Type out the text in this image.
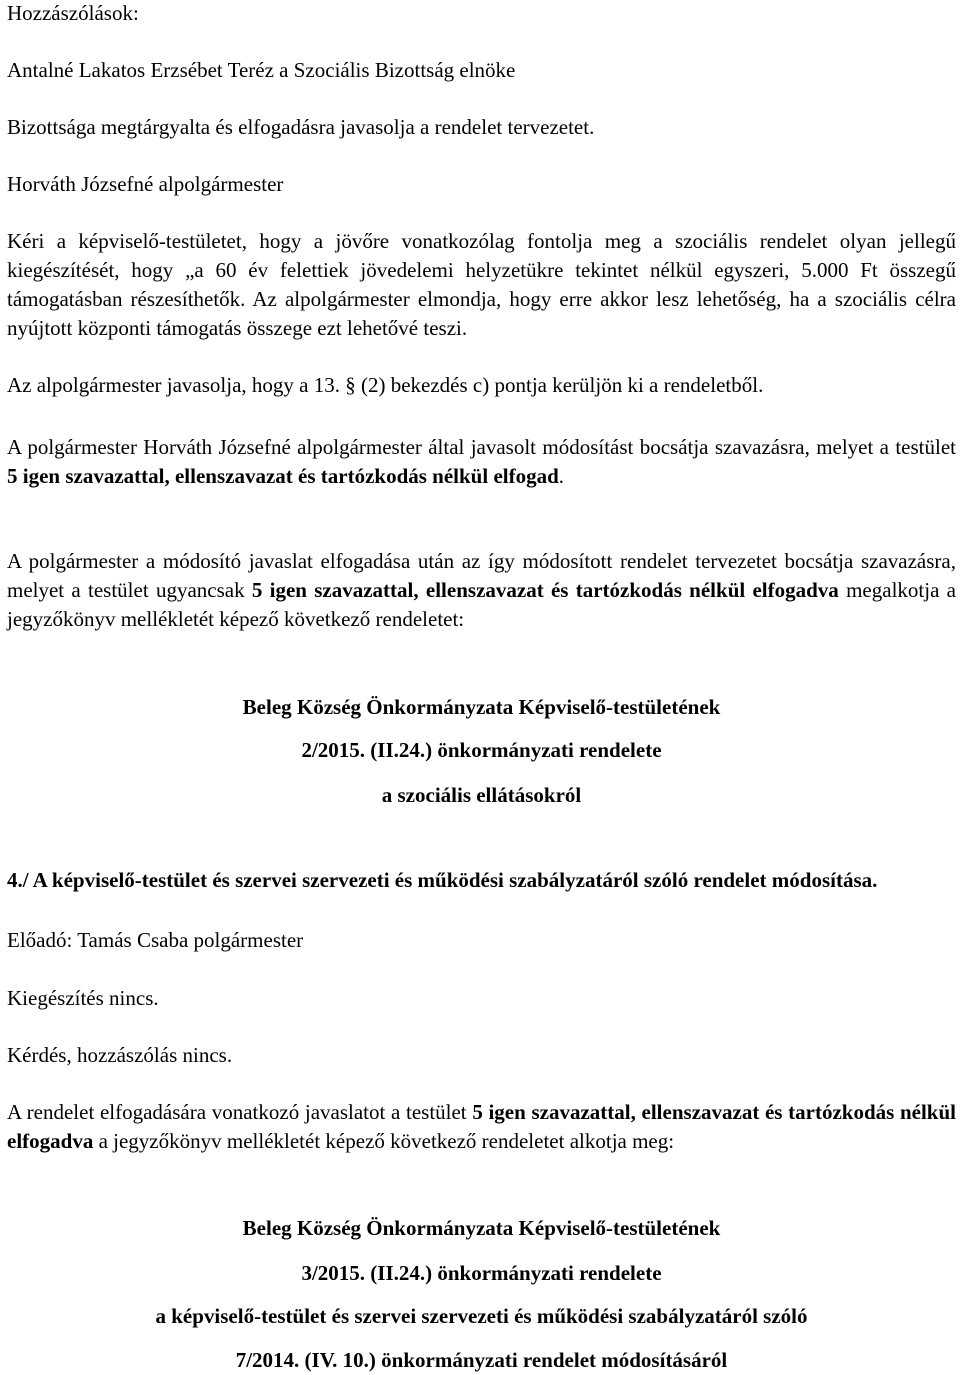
Hozzászólások:
Antalné Lakatos Erzsébet Teréz a Szociális Bizottság elnöke
Bizottsága megtárgyalta és elfogadásra javasolja a rendelet tervezetet.
Horváth Józsefné alpolgármester
Kéri a képviselő-testületet, hogy a jövőre vonatkozólag fontolja meg a szociális rendelet olyan jellegű kiegészítését, hogy „a 60 év felettiek jövedelemi helyzetükre tekintet nélkül egyszeri, 5.000 Ft összegű támogatásban részesíthetők. Az alpolgármester elmondja, hogy erre akkor lesz lehetőség, ha a szociális célra nyújtott központi támogatás összege ezt lehetővé teszi.
Az alpolgármester javasolja, hogy a 13. § (2) bekezdés c) pontja kerüljön ki a rendeletből.
A polgármester Horváth Józsefné alpolgármester által javasolt módosítást bocsátja szavazásra, melyet a testület 5 igen szavazattal, ellenszavazat és tartózkodás nélkül elfogad.
A polgármester a módosító javaslat elfogadása után az így módosított rendelet tervezetet bocsátja szavazásra, melyet a testület ugyancsak 5 igen szavazattal, ellenszavazat és tartózkodás nélkül elfogadva megalkotja a jegyzőkönyv mellékletét képező következő rendeletet:
Beleg Község Önkormányzata Képviselő-testületének
2/2015. (II.24.) önkormányzati rendelete
a szociális ellátásokról
4./ A képviselő-testület és szervei szervezeti és működési szabályzatáról szóló rendelet módosítása.
Előadó: Tamás Csaba polgármester
Kiegészítés nincs.
Kérdés, hozzászólás nincs.
A rendelet elfogadására vonatkozó javaslatot a testület 5 igen szavazattal, ellenszavazat és tartózkodás nélkül elfogadva a jegyzőkönyv mellékletét képező következő rendeletet alkotja meg:
Beleg Község Önkormányzata Képviselő-testületének
3/2015. (II.24.) önkormányzati rendelete
a képviselő-testület és szervei szervezeti és működési szabályzatáról szóló
7/2014. (IV. 10.) önkormányzati rendelet módosításáról
